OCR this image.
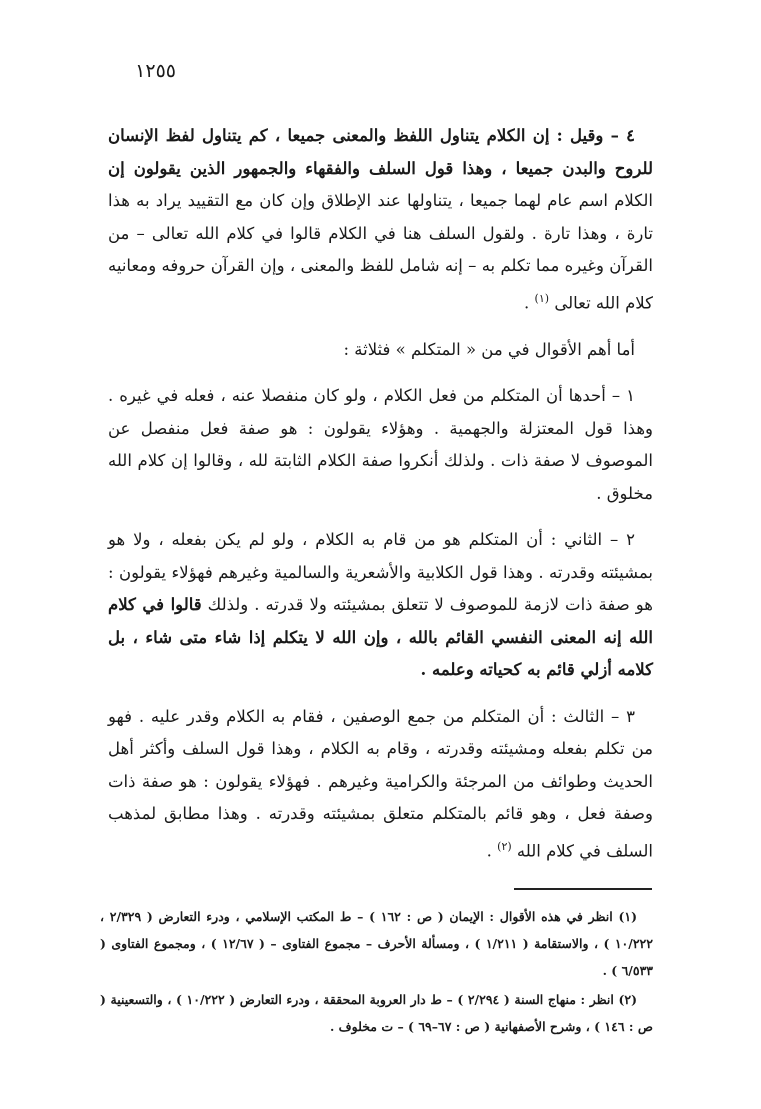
١٢٥٥

٤ – وقيل : إن الكلام يتناول اللفظ والمعنى جميعا ، كم يتناول لفظ الإنسان للروح والبدن جميعا ، وهذا قول السلف والفقهاء والجمهور الذين يقولون إن الكلام اسم عام لهما جميعا ، يتناولها عند الإطلاق وإن كان مع التقييد يراد به هذا تارة ، وهذا تارة . ولقول السلف هنا في الكلام قالوا في كلام الله تعالى – من القرآن وغيره مما تكلم به – إنه شامل للفظ والمعنى ، وإن القرآن حروفه ومعانيه كلام الله تعالى $^{(١)}$ .

أما أهم الأقوال في من « المتكلم » فثلاثة :

١ – أحدها أن المتكلم من فعل الكلام ، ولو كان منفصلا عنه ، فعله في غيره . وهذا قول المعتزلة والجهمية . وهؤلاء يقولون : هو صفة فعل منفصل عن الموصوف لا صفة ذات . ولذلك أنكروا صفة الكلام الثابتة لله ، وقالوا إن كلام الله مخلوق .

٢ – الثاني : أن المتكلم هو من قام به الكلام ، ولو لم يكن بفعله ، ولا هو بمشيئته وقدرته . وهذا قول الكلابية والأشعرية والسالمية وغيرهم فهؤلاء يقولون : هو صفة ذات لازمة للموصوف لا تتعلق بمشيئته ولا قدرته . ولذلك قالوا في كلام الله إنه المعنى النفسي القائم بالله ، وإن الله لا يتكلم إذا شاء متى شاء ، بل كلامه أزلي قائم به كحياته وعلمه .

٣ – الثالث : أن المتكلم من جمع الوصفين ، فقام به الكلام وقدر عليه . فهو من تكلم بفعله ومشيئته وقدرته ، وقام به الكلام ، وهذا قول السلف وأكثر أهل الحديث وطوائف من المرجئة والكرامية وغيرهم . فهؤلاء يقولون : هو صفة ذات وصفة فعل ، وهو قائم بالمتكلم متعلق بمشيئته وقدرته . وهذا مطابق لمذهب السلف في كلام الله $^{(٢)}$ .

(١) انظر في هذه الأقوال : الإيمان ( ص : ١٦٢ ) – ط المكتب الإسلامي ، ودرء التعارض ( ٢/٣٢٩ ، ١٠/٢٢٢ ) ، والاستقامة ( ١/٢١١ ) ، ومسألة الأحرف – مجموع الفتاوى – ( ١٢/٦٧ ) ، ومجموع الفتاوى ( ٦/٥٣٣ ) .

(٢) انظر : منهاج السنة ( ٢/٢٩٤ ) – ط دار العروبة المحققة ، ودرء التعارض ( ١٠/٢٢٢ ) ، والتسعينية ( ص : ١٤٦ ) ، وشرح الأصفهانية ( ص : ٦٧–٦٩ ) – ت مخلوف .
